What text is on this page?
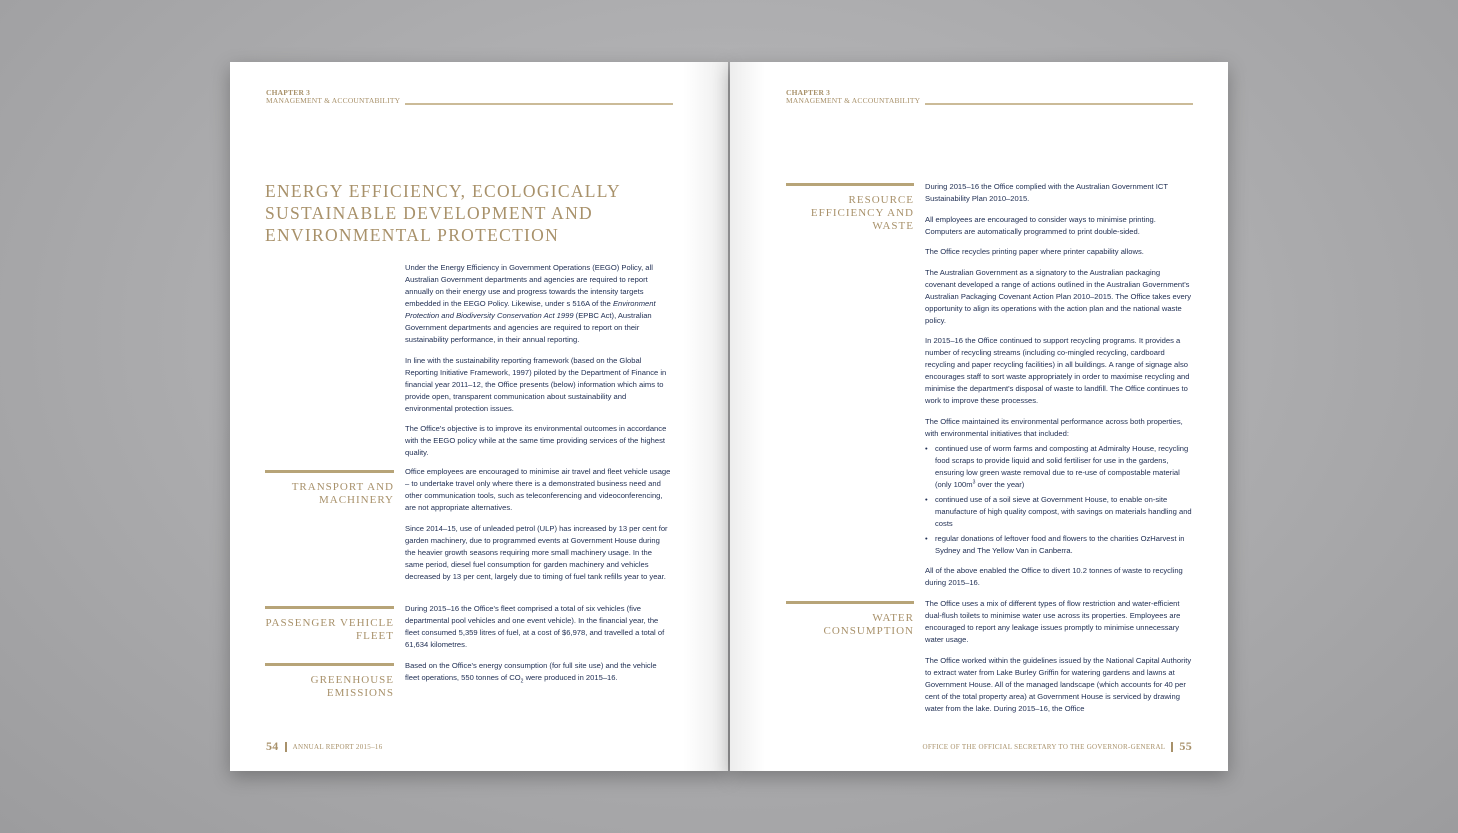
CHAPTER 3
MANAGEMENT & ACCOUNTABILITY
ENERGY EFFICIENCY, ECOLOGICALLY SUSTAINABLE DEVELOPMENT AND ENVIRONMENTAL PROTECTION

Under the Energy Efficiency in Government Operations (EEGO) Policy, all Australian Government departments and agencies are required to report annually on their energy use and progress towards the intensity targets embedded in the EEGO Policy. Likewise, under s 516A of the Environment Protection and Biodiversity Conservation Act 1999 (EPBC Act), Australian Government departments and agencies are required to report on their sustainability performance, in their annual reporting.

In line with the sustainability reporting framework (based on the Global Reporting Initiative Framework, 1997) piloted by the Department of Finance in financial year 2011–12, the Office presents (below) information which aims to provide open, transparent communication about sustainability and environmental protection issues.

The Office's objective is to improve its environmental outcomes in accordance with the EEGO policy while at the same time providing services of the highest quality.

TRANSPORT AND
MACHINERY

Office employees are encouraged to minimise air travel and fleet vehicle usage – to undertake travel only where there is a demonstrated business need and other communication tools, such as teleconferencing and videoconferencing, are not appropriate alternatives.

Since 2014–15, use of unleaded petrol (ULP) has increased by 13 per cent for garden machinery, due to programmed events at Government House during the heavier growth seasons requiring more small machinery usage. In the same period, diesel fuel consumption for garden machinery and vehicles decreased by 13 per cent, largely due to timing of fuel tank refills year to year.

PASSENGER VEHICLE
FLEET

During 2015–16 the Office's fleet comprised a total of six vehicles (five departmental pool vehicles and one event vehicle). In the financial year, the fleet consumed 5,359 litres of fuel, at a cost of $6,978, and travelled a total of 61,634 kilometres.

GREENHOUSE
EMISSIONS

Based on the Office's energy consumption (for full site use) and the vehicle fleet operations, 550 tonnes of $CO_2$ were produced in 2015–16.

54 ANNUAL REPORT 2015–16
CHAPTER 3
MANAGEMENT & ACCOUNTABILITY
RESOURCE
EFFICIENCY AND
WASTE

During 2015–16 the Office complied with the Australian Government ICT Sustainability Plan 2010–2015.

All employees are encouraged to consider ways to minimise printing. Computers are automatically programmed to print double-sided.

The Office recycles printing paper where printer capability allows.

The Australian Government as a signatory to the Australian packaging covenant developed a range of actions outlined in the Australian Government's Australian Packaging Covenant Action Plan 2010–2015. The Office takes every opportunity to align its operations with the action plan and the national waste policy.

In 2015–16 the Office continued to support recycling programs. It provides a number of recycling streams (including co-mingled recycling, cardboard recycling and paper recycling facilities) in all buildings. A range of signage also encourages staff to sort waste appropriately in order to maximise recycling and minimise the department's disposal of waste to landfill. The Office continues to work to improve these processes.

The Office maintained its environmental performance across both properties, with environmental initiatives that included:

• continued use of worm farms and composting at Admiralty House, recycling food scraps to provide liquid and solid fertiliser for use in the gardens, ensuring low green waste removal due to re-use of compostable material (only $100m^3$ over the year)
• continued use of a soil sieve at Government House, to enable on-site manufacture of high quality compost, with savings on materials handling and costs
• regular donations of leftover food and flowers to the charities OzHarvest in Sydney and The Yellow Van in Canberra.

All of the above enabled the Office to divert 10.2 tonnes of waste to recycling during 2015–16.

WATER
CONSUMPTION

The Office uses a mix of different types of flow restriction and water-efficient dual-flush toilets to minimise water use across its properties. Employees are encouraged to report any leakage issues promptly to minimise unnecessary water usage.

The Office worked within the guidelines issued by the National Capital Authority to extract water from Lake Burley Griffin for watering gardens and lawns at Government House. All of the managed landscape (which accounts for 40 per cent of the total property area) at Government House is serviced by drawing water from the lake. During 2015–16, the Office

OFFICE OF THE OFFICIAL SECRETARY TO THE GOVERNOR-GENERAL 55
